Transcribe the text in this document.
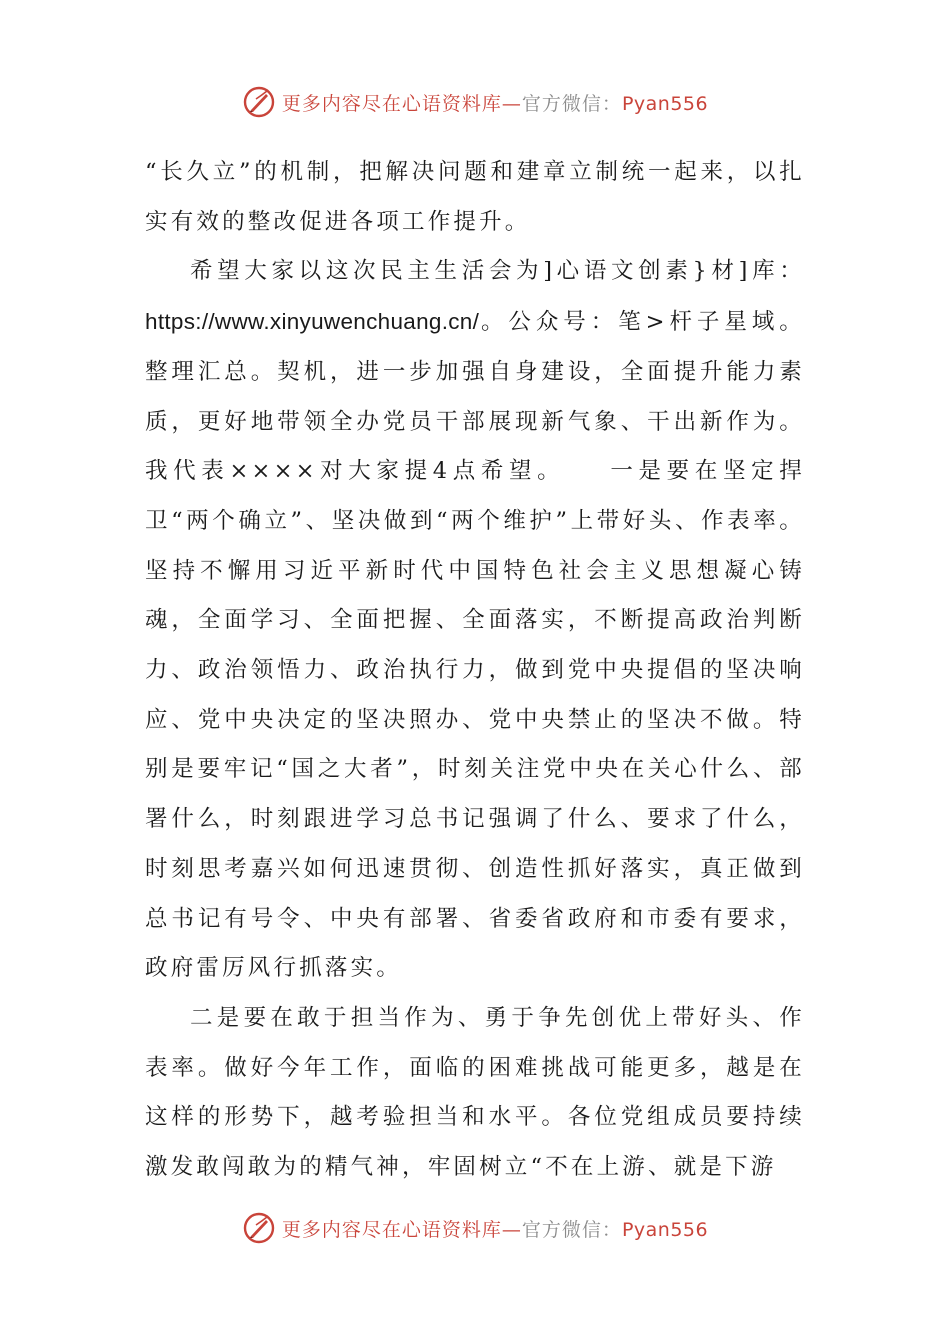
更多内容尽在心语资料库—官方微信：Pyan556

“长久立”的机制，把解决问题和建章立制统一起来，以扎实有效的整改促进各项工作提升。

希望大家以这次民主生活会为]心语文创素}材]库：https://www.xinyuwenchuang.cn/。公众号：笔>杆子星域。整理汇总。契机，进一步加强自身建设，全面提升能力素质，更好地带领全办党员干部展现新气象、干出新作为。我代表××××对大家提4点希望。　　一是要在坚定捍卫“两个确立”、坚决做到“两个维护”上带好头、作表率。坚持不懈用习近平新时代中国特色社会主义思想凝心铸魂，全面学习、全面把握、全面落实，不断提高政治判断力、政治领悟力、政治执行力，做到党中央提倡的坚决响应、党中央决定的坚决照办、党中央禁止的坚决不做。特别是要牢记“国之大者”，时刻关注党中央在关心什么、部署什么，时刻跟进学习总书记强调了什么、要求了什么，时刻思考嘉兴如何迅速贯彻、创造性抓好落实，真正做到总书记有号令、中央有部署、省委省政府和市委有要求，政府雷厉风行抓落实。

二是要在敢于担当作为、勇于争先创优上带好头、作表率。做好今年工作，面临的困难挑战可能更多，越是在这样的形势下，越考验担当和水平。各位党组成员要持续激发敢闯敢为的精气神，牢固树立“不在上游、就是下游

更多内容尽在心语资料库—官方微信：Pyan556
